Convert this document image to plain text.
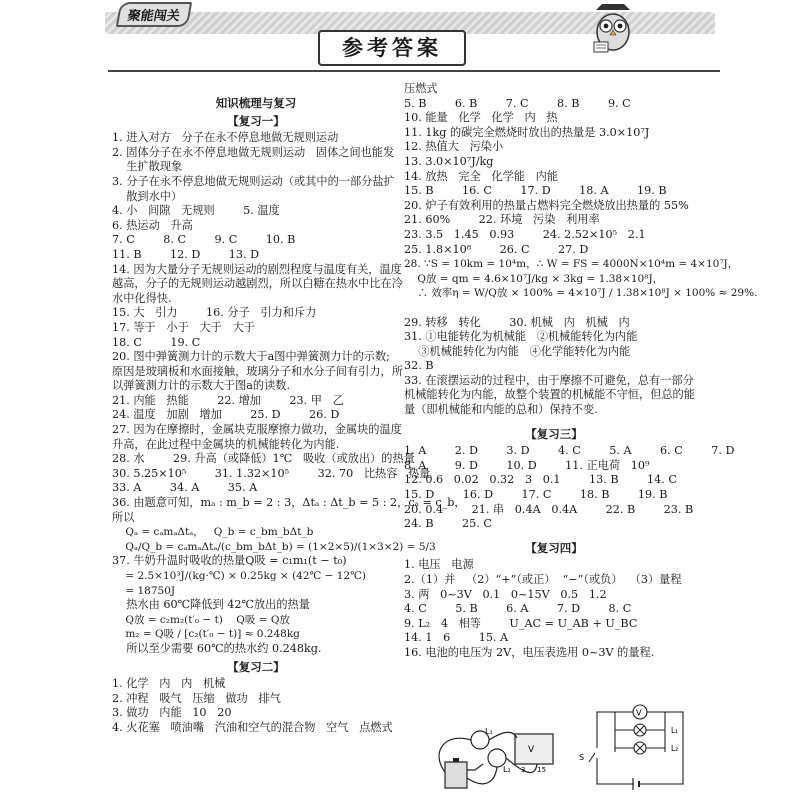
聚能闯关
参考答案
知识梳理与复习
【复习一】
1. 进入对方   分子在永不停息地做无规则运动
2. 固体分子在永不停息地做无规则运动   固体之间也能发
生扩散现象
3. 分子在永不停息地做无规则运动（或其中的一部分盐扩
散到水中）
4. 小   间隙   无规则        5. 温度
6. 热运动   升高
7. C        8. C        9. C        10. B
11. B        12. D        13. D
14. 因为大量分子无规则运动的剧烈程度与温度有关，温度
越高，分子的无规则运动越剧烈，所以白糖在热水中比在冷
水中化得快.
15. 大   引力        16. 分子   引力和斥力
17. 等于   小于   大于   大于
18. C        19. C
20. 图中弹簧测力计的示数大于a图中弹簧测力计的示数;
原因是玻璃板和水面接触，玻璃分子和水分子间有引力，所
以弹簧测力计的示数大于图a的读数.
21. 内能   热能        22. 增加        23. 甲   乙
24. 温度   加剧   增加        25. D        26. D
27. 因为在摩擦时，金属块克服摩擦力做功，金属块的温度
升高，在此过程中金属块的机械能转化为内能.
28. 水        29. 升高（或降低）1℃   吸收（或放出）的热量
30. 5.25×10⁵        31. 1.32×10⁵        32. 70   比热容   热量
33. A        34. A        35. A
36. 由题意可知，mₐ : m_b = 2 : 3，Δtₐ : Δt_b = 5 : 2，cₐ = c_b，
所以
Qₐ = cₐmₐΔtₐ，   Q_b = c_bm_bΔt_b
Qₐ/Q_b = cₐmₐΔtₐ/(c_bm_bΔt_b) = (1×2×5)/(1×3×2) = 5/3
37. 牛奶升温时吸收的热量Q吸 = c₁m₁(t − t₀)
= 2.5×10³J/(kg·℃) × 0.25kg × (42℃ − 12℃)
= 18750J
热水由 60℃降低到 42℃放出的热量
Q放 = c₂m₂(t′₀ − t)    Q吸 = Q放
m₂ = Q吸 / [c₂(t′₀ − t)] ≈ 0.248kg
所以至少需要 60℃的热水约 0.248kg.
【复习二】
1. 化学   内   内   机械
2. 冲程   吸气   压缩   做功   排气
3. 做功   内能   10   20
4. 火花塞   喷油嘴   汽油和空气的混合物   空气   点燃式
压燃式
5. B        6. B        7. C        8. B        9. C
10. 能量   化学   化学   内   热
11. 1kg 的碳完全燃烧时放出的热量是 3.0×10⁷J
12. 热值大   污染小
13. 3.0×10⁷J/kg
14. 放热   完全   化学能   内能
15. B        16. C        17. D        18. A        19. B
20. 炉子有效利用的热量占燃料完全燃烧放出热量的 55%
21. 60%        22. 环境   污染   利用率
23. 3.5   1.45   0.93        24. 2.52×10⁵   2.1
25. 1.8×10⁸        26. C        27. D
28. ∵S = 10km = 10⁴m，∴ W = FS = 4000N×10⁴m = 4×10⁷J，
Q放 = qm = 4.6×10⁷J/kg × 3kg = 1.38×10⁸J，
∴ 效率η = W/Q放 × 100% = 4×10⁷J / 1.38×10⁸J × 100% ≈ 29%.
29. 转移   转化        30. 机械   内   机械   内
31. ①电能转化为机械能   ②机械能转化为内能
③机械能转化为内能   ④化学能转化为内能
32. B
33. 在滚摆运动的过程中，由于摩擦不可避免，总有一部分
机械能转化为内能，故整个装置的机械能不守恒，但总的能
量（即机械能和内能的总和）保持不变.
【复习三】
1. A        2. D        3. D        4. C        5. A        6. C        7. D
8. A        9. D        10. D        11. 正电荷   10⁹
12. 0.6   0.02   0.32   3   0.1        13. B        14. C
15. D        16. D        17. C        18. B        19. B
20. 0.4        21. 串   0.4A   0.4A        22. B        23. B
24. B        25. C
【复习四】
1. 电压   电源
2.（1）并   （2）“+”（或正）  “−”（或负）  （3）量程
3. 两   0~3V   0.1   0~15V   0.5   1.2
4. C        5. B        6. A        7. D        8. C
9. L₂   4   相等        U_AC = U_AB + U_BC
14. 1   6        15. A
16. 电池的电压为 2V，电压表选用 0~3V 的量程.
L₁
L₂
V
3 15
V
L₁
L₂
S
